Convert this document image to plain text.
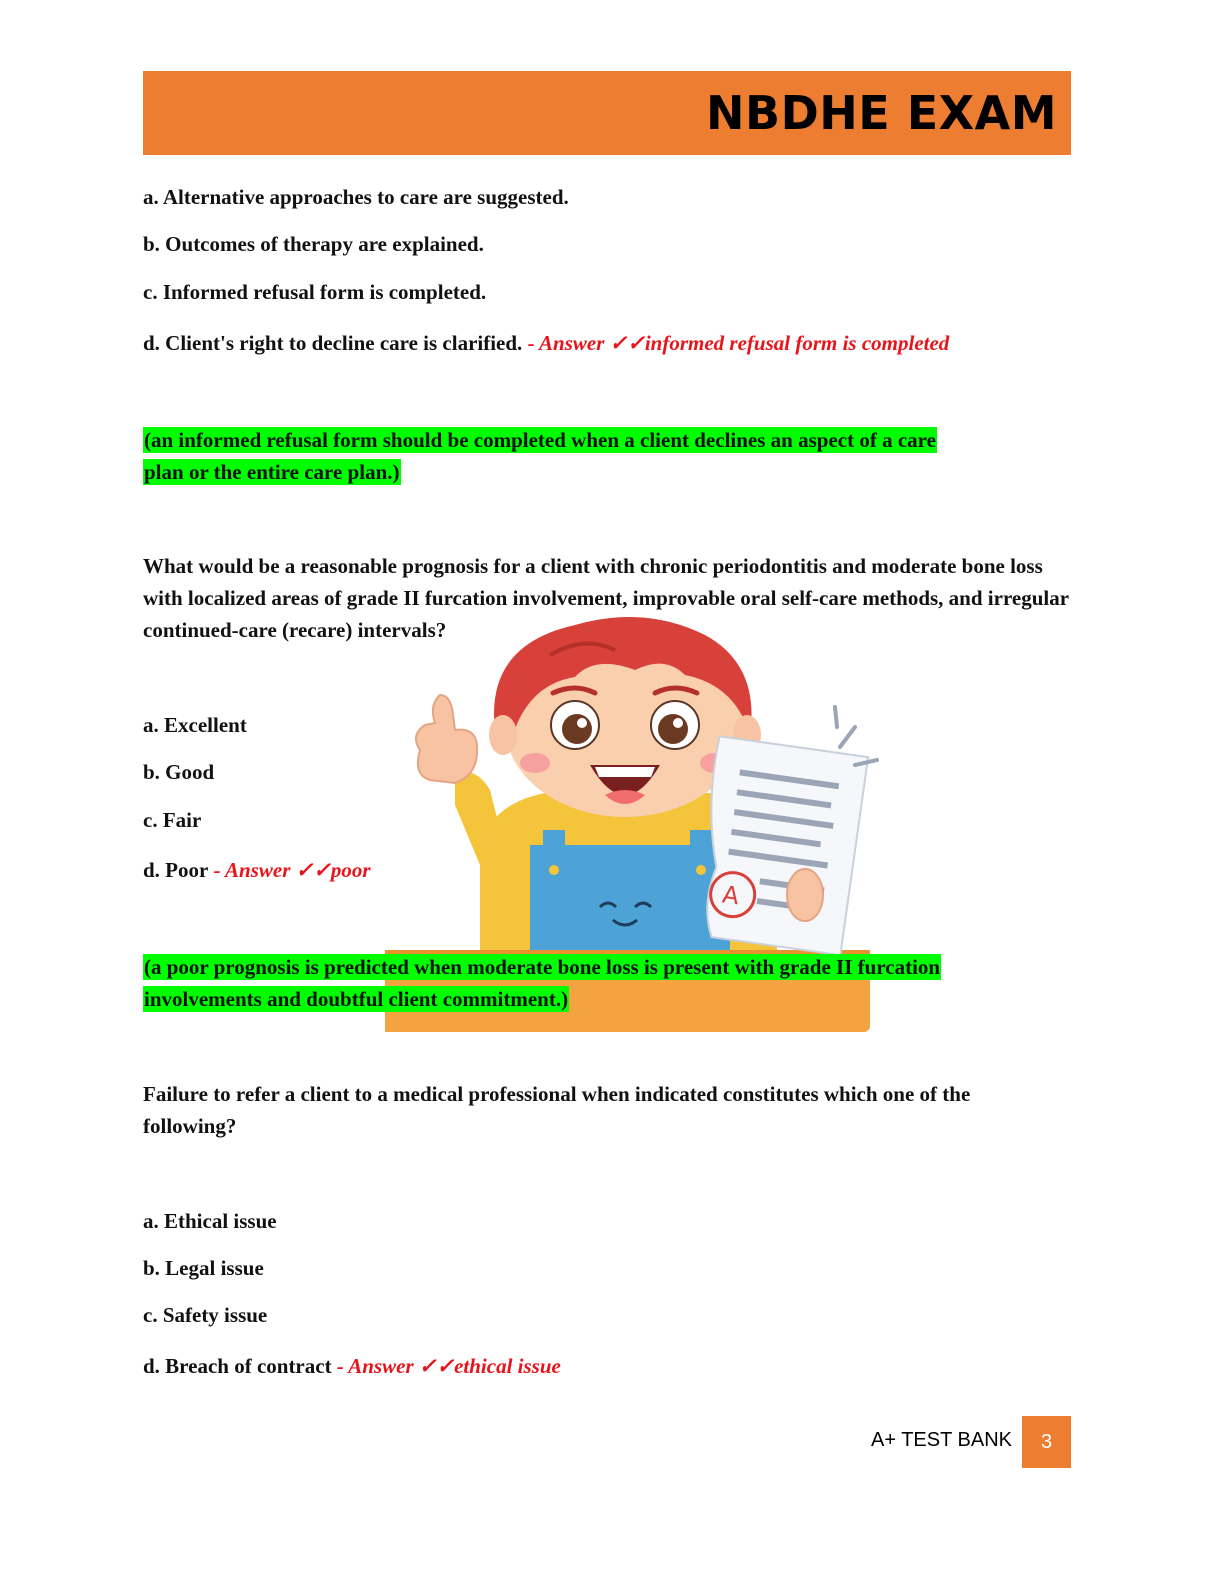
NBDHE EXAM
a. Alternative approaches to care are suggested.
b. Outcomes of therapy are explained.
c. Informed refusal form is completed.
d. Client's right to decline care is clarified. - Answer ✓✓informed refusal form is completed
(an informed refusal form should be completed when a client declines an aspect of a care
plan or the entire care plan.)
A
What would be a reasonable prognosis for a client with chronic periodontitis and moderate bone loss with localized areas of grade II furcation involvement, improvable oral self-care methods, and irregular continued-care (recare) intervals?
a. Excellent
b. Good
c. Fair
d. Poor - Answer ✓✓poor
(a poor prognosis is predicted when moderate bone loss is present with grade II furcation
involvements and doubtful client commitment.)
Failure to refer a client to a medical professional when indicated constitutes which one of the following?
a. Ethical issue
b. Legal issue
c. Safety issue
d. Breach of contract - Answer ✓✓ethical issue
A+ TEST BANK	3
